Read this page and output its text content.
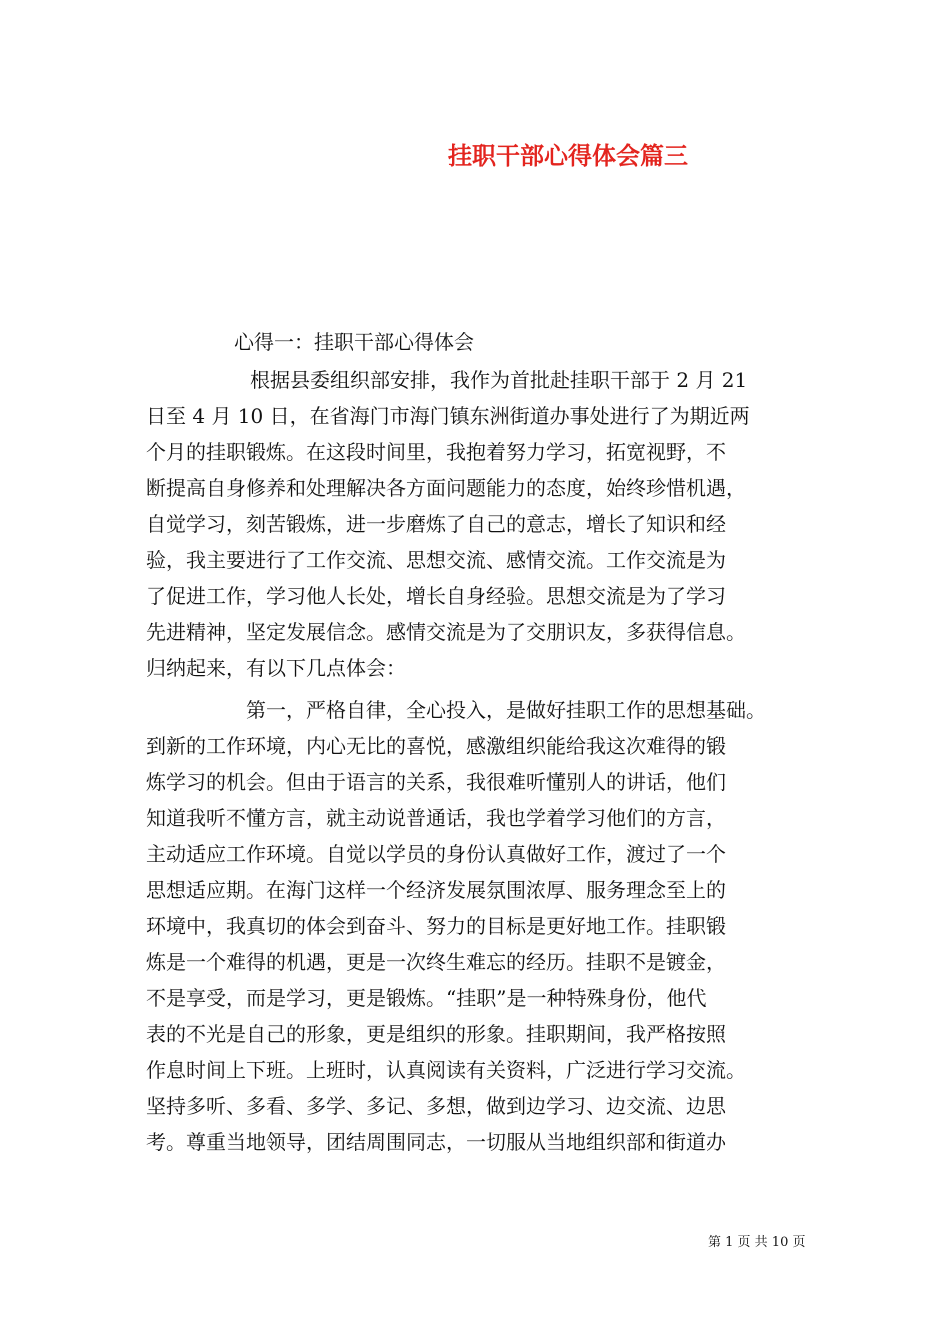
挂职干部心得体会篇三

心得一：挂职干部心得体会

根据县委组织部安排，我作为首批赴挂职干部于 2 月 21

日至 4 月 10 日，在省海门市海门镇东洲街道办事处进行了为期近两

个月的挂职锻炼。在这段时间里，我抱着努力学习，拓宽视野，不

断提高自身修养和处理解决各方面问题能力的态度，始终珍惜机遇，

自觉学习，刻苦锻炼，进一步磨炼了自己的意志，增长了知识和经

验，我主要进行了工作交流、思想交流、感情交流。工作交流是为

了促进工作，学习他人长处，增长自身经验。思想交流是为了学习

先进精神，坚定发展信念。感情交流是为了交朋识友，多获得信息。

归纳起来，有以下几点体会：

第一，严格自律，全心投入，是做好挂职工作的思想基础。

到新的工作环境，内心无比的喜悦，感激组织能给我这次难得的锻

炼学习的机会。但由于语言的关系，我很难听懂别人的讲话，他们

知道我听不懂方言，就主动说普通话，我也学着学习他们的方言，

主动适应工作环境。自觉以学员的身份认真做好工作，渡过了一个

思想适应期。在海门这样一个经济发展氛围浓厚、服务理念至上的

环境中，我真切的体会到奋斗、努力的目标是更好地工作。挂职锻

炼是一个难得的机遇，更是一次终生难忘的经历。挂职不是镀金，

不是享受，而是学习，更是锻炼。“挂职”是一种特殊身份，他代

表的不光是自己的形象，更是组织的形象。挂职期间，我严格按照

作息时间上下班。上班时，认真阅读有关资料，广泛进行学习交流。

坚持多听、多看、多学、多记、多想，做到边学习、边交流、边思

考。尊重当地领导，团结周围同志，一切服从当地组织部和街道办

第 1 页 共 10 页
